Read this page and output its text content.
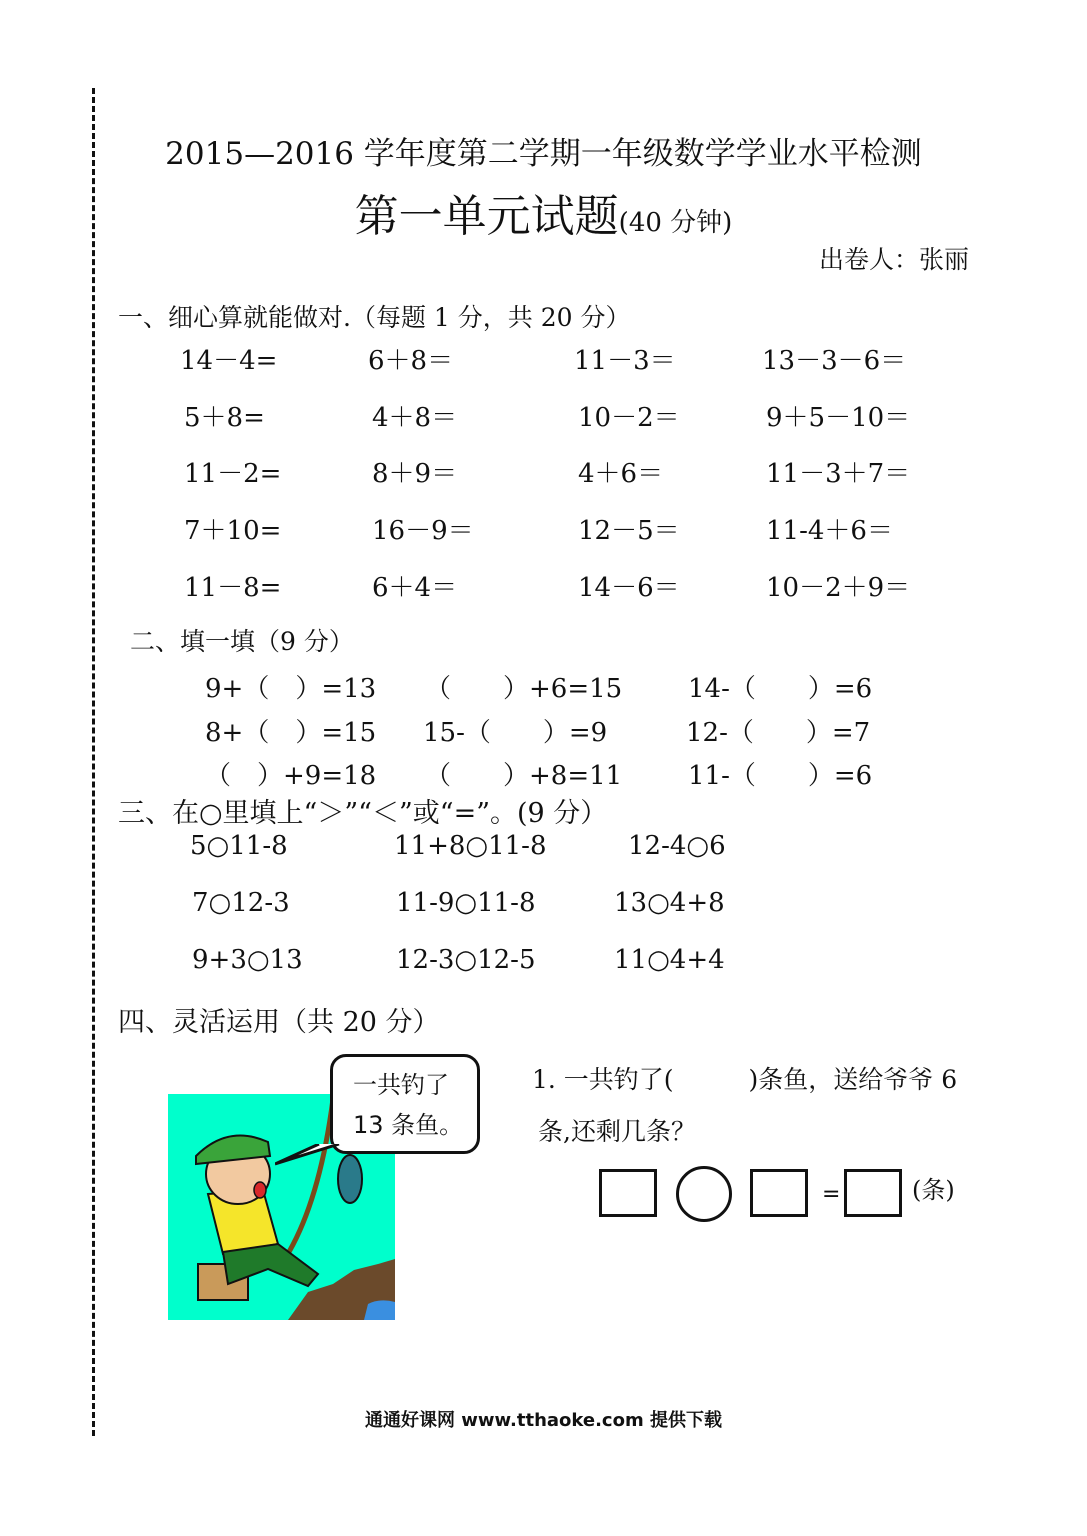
2015—2016 学年度第二学期一年级数学学业水平检测
第一单元试题(40 分钟)
出卷人：张丽
一、细心算就能做对.（每题 1 分，共 20 分）
14－4=	6＋8＝	11－3＝	13－3－6＝
5＋8=	4＋8＝	10－2＝	9＋5－10＝
11－2=	8＋9＝	4＋6＝	11－3＋7＝
7＋10=	16－9＝	12－5＝	11-4＋6＝
11－8=	6＋4＝	14－6＝	10－2＋9＝
二、填一填（9 分）
9+（　）=13 （　　）+6=15	14-（　　）=6
8+（　）=15 15-（　　）=9	12-（　　）=7
（　）+9=18 （　　）+8=11	11-（　　）=6
三、在○里填上“＞”“＜”或“=”。(9 分）
5○11-8	11+8○11-8	12-4○6
7○12-3	11-9○11-8	13○4+8
9+3○13	12-3○12-5	11○4+4
四、灵活运用（共 20 分）
一共钓了
13 条鱼。
1. 一共钓了(　　　)条鱼，送给爷爷 6
条,还剩几条？
=	(条)
通通好课网 www.tthaoke.com 提供下载
